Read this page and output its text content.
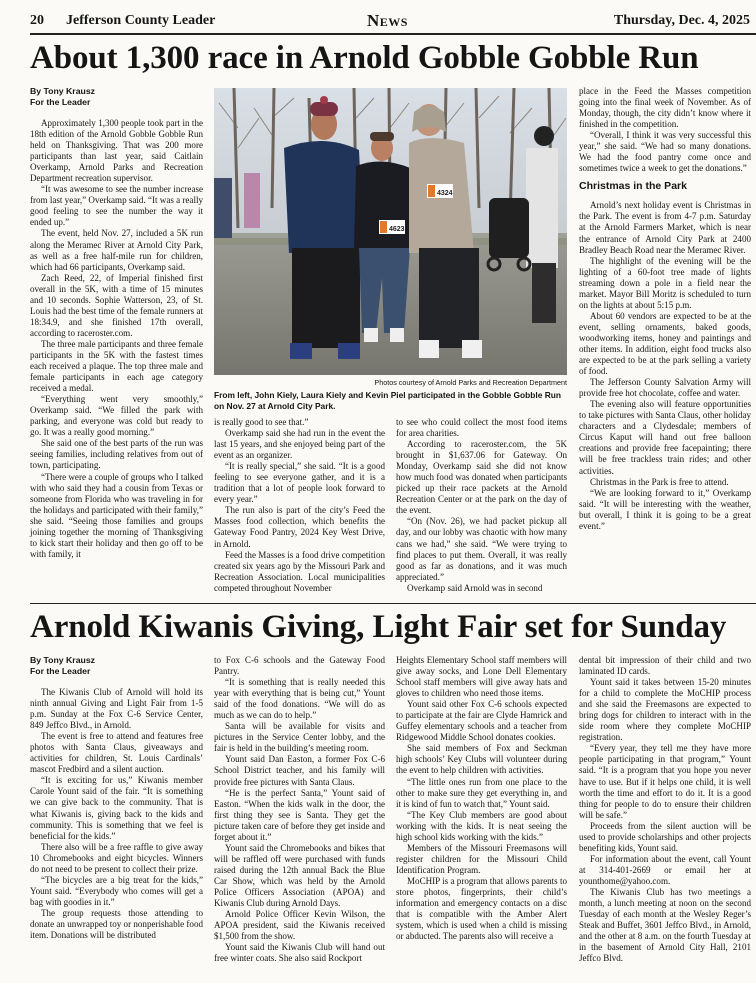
20 Jefferson County Leader	News	Thursday, Dec. 4, 2025
About 1,300 race in Arnold Gobble Gobble Run
By Tony Krausz
For the Leader

Approximately 1,300 people took part in the 18th edition of the Arnold Gobble Gobble Run held on Thanksgiving. That was 200 more participants than last year, said Caitlain Overkamp, Arnold Parks and Recreation Department recreation supervisor.

“It was awesome to see the number increase from last year,” Overkamp said. “It was a really good feeling to see the number the way it ended up.”

The event, held Nov. 27, included a 5K run along the Meramec River at Arnold City Park, as well as a free half-mile run for children, which had 66 participants, Overkamp said.

Zach Reed, 22, of Imperial finished first overall in the 5K, with a time of 15 minutes and 10 seconds. Sophie Watterson, 23, of St. Louis had the best time of the female runners at 18:34.9, and she finished 17th overall, according to raceroster.com.

The three male participants and three female participants in the 5K with the fastest times each received a plaque. The top three male and female participants in each age category received a medal.

“Everything went very smoothly,” Overkamp said. “We filled the park with parking, and everyone was cold but ready to go. It was a really good morning.”

She said one of the best parts of the run was seeing families, including relatives from out of town, participating.

“There were a couple of groups who I talked with who said they had a cousin from Texas or someone from Florida who was traveling in for the holidays and participated with their family,” she said. “Seeing those families and groups joining together the morning of Thanksgiving to kick start their holiday and then go off to be with family, it

4623
4324
Photos courtesy of Arnold Parks and Recreation Department
From left, John Kiely, Laura Kiely and Kevin Piel participated in the Gobble Gobble Run on Nov. 27 at Arnold City Park.

is really good to see that.”

Overkamp said she had run in the event the last 15 years, and she enjoyed being part of the event as an organizer.

“It is really special,” she said. “It is a good feeling to see everyone gather, and it is a tradition that a lot of people look forward to every year.”

The run also is part of the city’s Feed the Masses food collection, which benefits the Gateway Food Pantry, 2024 Key West Drive, in Arnold.

Feed the Masses is a food drive competition created six years ago by the Missouri Park and Recreation Association. Local municipalities competed throughout November

to see who could collect the most food items for area charities.

According to raceroster.com, the 5K brought in $1,637.06 for Gateway. On Monday, Overkamp said she did not know how much food was donated when participants picked up their race packets at the Arnold Recreation Center or at the park on the day of the event.

“On (Nov. 26), we had packet pickup all day, and our lobby was chaotic with how many cans we had,” she said. “We were trying to find places to put them. Overall, it was really good as far as donations, and it was much appreciated.”

Overkamp said Arnold was in second

place in the Feed the Masses competition going into the final week of November. As of Monday, though, the city didn’t know where it finished in the competition.

“Overall, I think it was very successful this year,” she said. “We had so many donations. We had the food pantry come once and sometimes twice a week to get the donations.”

Christmas in the Park

Arnold’s next holiday event is Christmas in the Park. The event is from 4-7 p.m. Saturday at the Arnold Farmers Market, which is near the entrance of Arnold City Park at 2400 Bradley Beach Road near the Meramec River.

The highlight of the evening will be the lighting of a 60-foot tree made of lights streaming down a pole in a field near the market. Mayor Bill Moritz is scheduled to turn on the lights at about 5:15 p.m.

About 60 vendors are expected to be at the event, selling ornaments, baked goods, woodworking items, honey and paintings and other items. In addition, eight food trucks also are expected to be at the park selling a variety of food.

The Jefferson County Salvation Army will provide free hot chocolate, coffee and water.

The evening also will feature opportunities to take pictures with Santa Claus, other holiday characters and a Clydesdale; members of Circus Kaput will hand out free balloon creations and provide free facepainting; there will be free trackless train rides; and other activities.

Christmas in the Park is free to attend.

“We are looking forward to it,” Overkamp said. “It will be interesting with the weather, but overall, I think it is going to be a great event.”

Arnold Kiwanis Giving, Light Fair set for Sunday
By Tony Krausz
For the Leader

The Kiwanis Club of Arnold will hold its ninth annual Giving and Light Fair from 1-5 p.m. Sunday at the Fox C-6 Service Center, 849 Jeffco Blvd., in Arnold.

The event is free to attend and features free photos with Santa Claus, giveaways and activities for children, St. Louis Cardinals’ mascot Fredbird and a silent auction.

“It is exciting for us,” Kiwanis member Carole Yount said of the fair. “It is something we can give back to the community. That is what Kiwanis is, giving back to the kids and community. This is something that we feel is beneficial for the kids.”

There also will be a free raffle to give away 10 Chromebooks and eight bicycles. Winners do not need to be present to collect their prize.

“The bicycles are a big treat for the kids,” Yount said. “Everybody who comes will get a bag with goodies in it.”

The group requests those attending to donate an unwrapped toy or nonperishable food item. Donations will be distributed

to Fox C-6 schools and the Gateway Food Pantry.

“It is something that is really needed this year with everything that is being cut,” Yount said of the food donations. “We will do as much as we can do to help.”

Santa will be available for visits and pictures in the Service Center lobby, and the fair is held in the building’s meeting room.

Yount said Dan Easton, a former Fox C-6 School District teacher, and his family will provide free pictures with Santa Claus.

“He is the perfect Santa,” Yount said of Easton. “When the kids walk in the door, the first thing they see is Santa. They get the picture taken care of before they get inside and forget about it.”

Yount said the Chromebooks and bikes that will be raffled off were purchased with funds raised during the 12th annual Back the Blue Car Show, which was held by the Arnold Police Officers Association (APOA) and Kiwanis Club during Arnold Days.

Arnold Police Officer Kevin Wilson, the APOA president, said the Kiwanis received $1,500 from the show.

Yount said the Kiwanis Club will hand out free winter coats. She also said Rockport

Heights Elementary School staff members will give away socks, and Lone Dell Elementary School staff members will give away hats and gloves to children who need those items.

Yount said other Fox C-6 schools expected to participate at the fair are Clyde Hamrick and Guffey elementary schools and a teacher from Ridgewood Middle School donates cookies.

She said members of Fox and Seckman high schools’ Key Clubs will volunteer during the event to help children with activities.

“The little ones run from one place to the other to make sure they get everything in, and it is kind of fun to watch that,” Yount said.

“The Key Club members are good about working with the kids. It is neat seeing the high school kids working with the kids.”

Members of the Missouri Freemasons will register children for the Missouri Child Identification Program.

MoCHIP is a program that allows parents to store photos, fingerprints, their child’s information and emergency contacts on a disc that is compatible with the Amber Alert system, which is used when a child is missing or abducted. The parents also will receive a

dental bit impression of their child and two laminated ID cards.

Yount said it takes between 15-20 minutes for a child to complete the MoCHIP process and she said the Freemasons are expected to bring dogs for children to interact with in the side room where they complete MoCHIP registration.

“Every year, they tell me they have more people participating in that program,” Yount said. “It is a program that you hope you never have to use. But if it helps one child, it is well worth the time and effort to do it. It is a good thing for people to do to ensure their children will be safe.”

Proceeds from the silent auction will be used to provide scholarships and other projects benefiting kids, Yount said.

For information about the event, call Yount at 314-401-2669 or email her at younthome@yahoo.com.

The Kiwanis Club has two meetings a month, a lunch meeting at noon on the second Tuesday of each month at the Wesley Reger’s Steak and Buffet, 3601 Jeffco Blvd., in Arnold, and the other at 8 a.m. on the fourth Tuesday at in the basement of Arnold City Hall, 2101 Jeffco Blvd.
